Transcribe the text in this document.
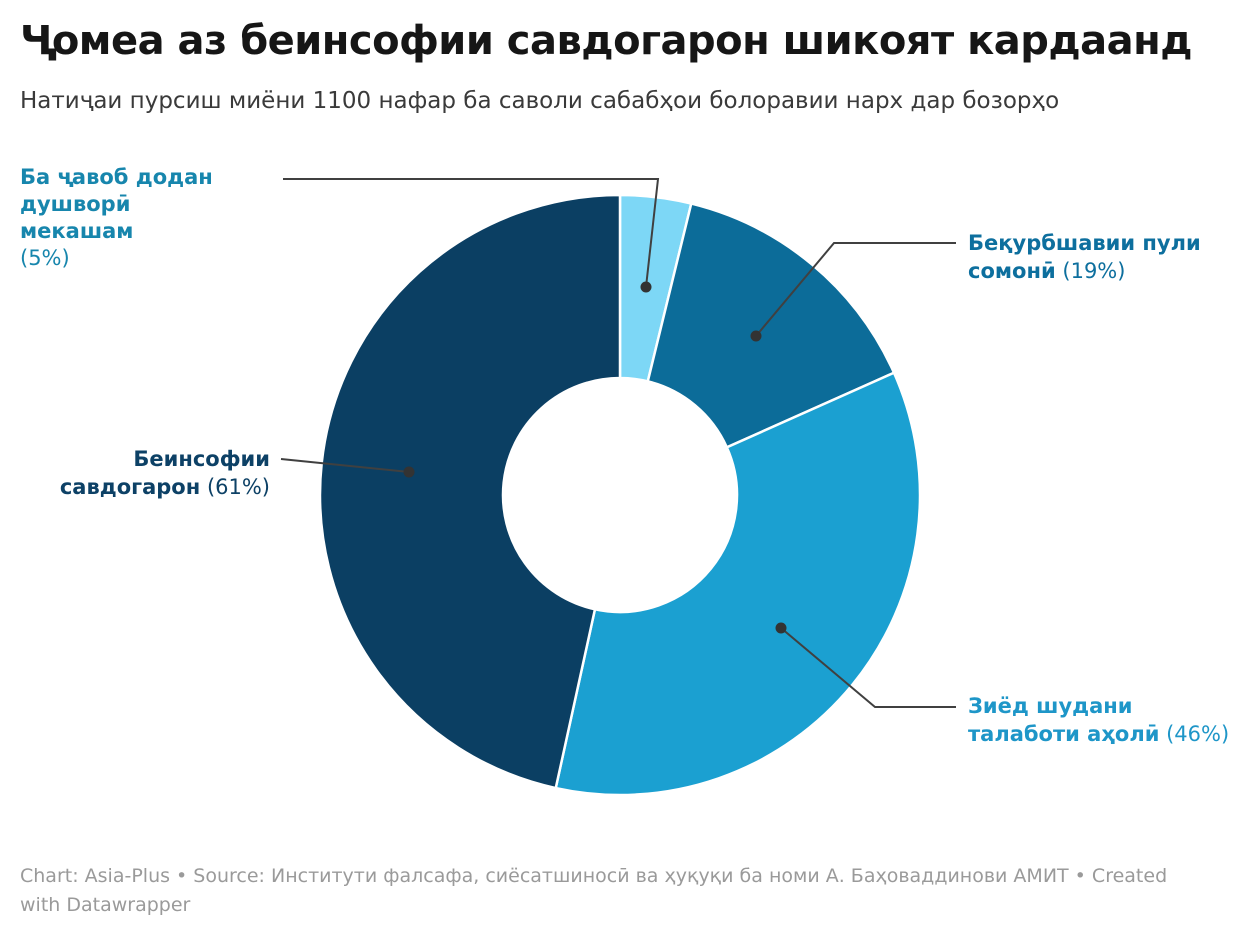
Ҷомеа аз беинсофии савдогарон шикоят кардаанд
Натиҷаи пурсиш миёни 1100 нафар ба саволи сабабҳои болоравии нарх дар бозорҳо
Ба ҷавоб додан
душворӣ мекашам
(5%)
Беқурбшавии пули
сомонӣ (19%)
Беинсофии
савдогарон (61%)
Зиёд шудани
талаботи аҳолӣ (46%)
Chart: Asia-Plus • Source: Институти фалсафа, сиёсатшиносӣ ва ҳуқуқи ба номи А. Баҳоваддинови АМИТ • Created
with Datawrapper
